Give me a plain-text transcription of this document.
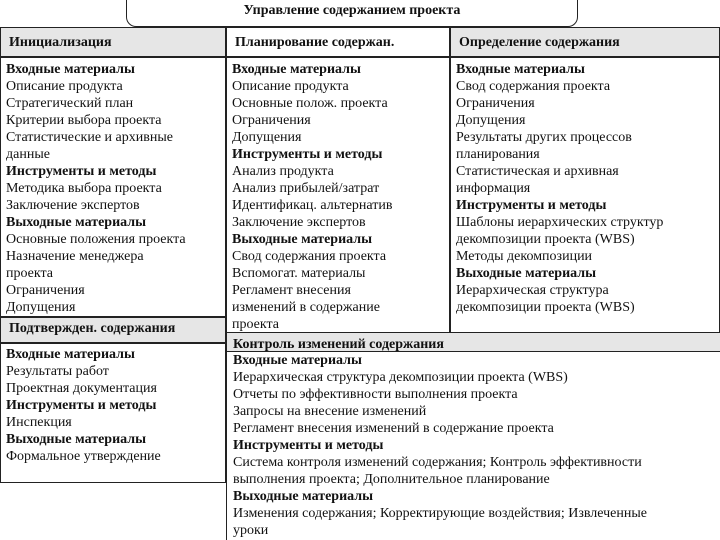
Управление содержанием проекта
Инициализация
Входные материалы
Описание продукта
Стратегический план
Критерии выбора проекта
Статистические и архивные
данные
Инструменты и методы
Методика выбора проекта
Заключение экспертов
Выходные материалы
Основные положения проекта
Назначение менеджера
проекта
Ограничения
Допущения
Подтвержден. содержания
Входные материалы
Результаты работ
Проектная документация
Инструменты и методы
Инспекция
Выходные материалы
Формальное утверждение
Планирование содержан.
Входные материалы
Описание продукта
Основные полож. проекта
Ограничения
Допущения
Инструменты и методы
Анализ продукта
Анализ прибылей/затрат
Идентификац. альтернатив
Заключение экспертов
Выходные материалы
Свод содержания проекта
Вспомогат. материалы
Регламент внесения
изменений в содержание
проекта
Определение содержания
Входные материалы
Свод содержания проекта
Ограничения
Допущения
Результаты других процессов
планирования
Статистическая и архивная
информация
Инструменты и методы
Шаблоны иерархических структур
декомпозиции проекта (WBS)
Методы декомпозиции
Выходные материалы
Иерархическая структура
декомпозиции проекта (WBS)
Контроль изменений содержания
Входные материалы
Иерархическая структура декомпозиции проекта (WBS)
Отчеты по эффективности выполнения проекта
Запросы на внесение изменений
Регламент внесения изменений в содержание проекта
Инструменты и методы
Система контроля изменений содержания; Контроль эффективности
выполнения проекта; Дополнительное планирование
Выходные материалы
Изменения содержания; Корректирующие воздействия; Извлеченные
уроки
